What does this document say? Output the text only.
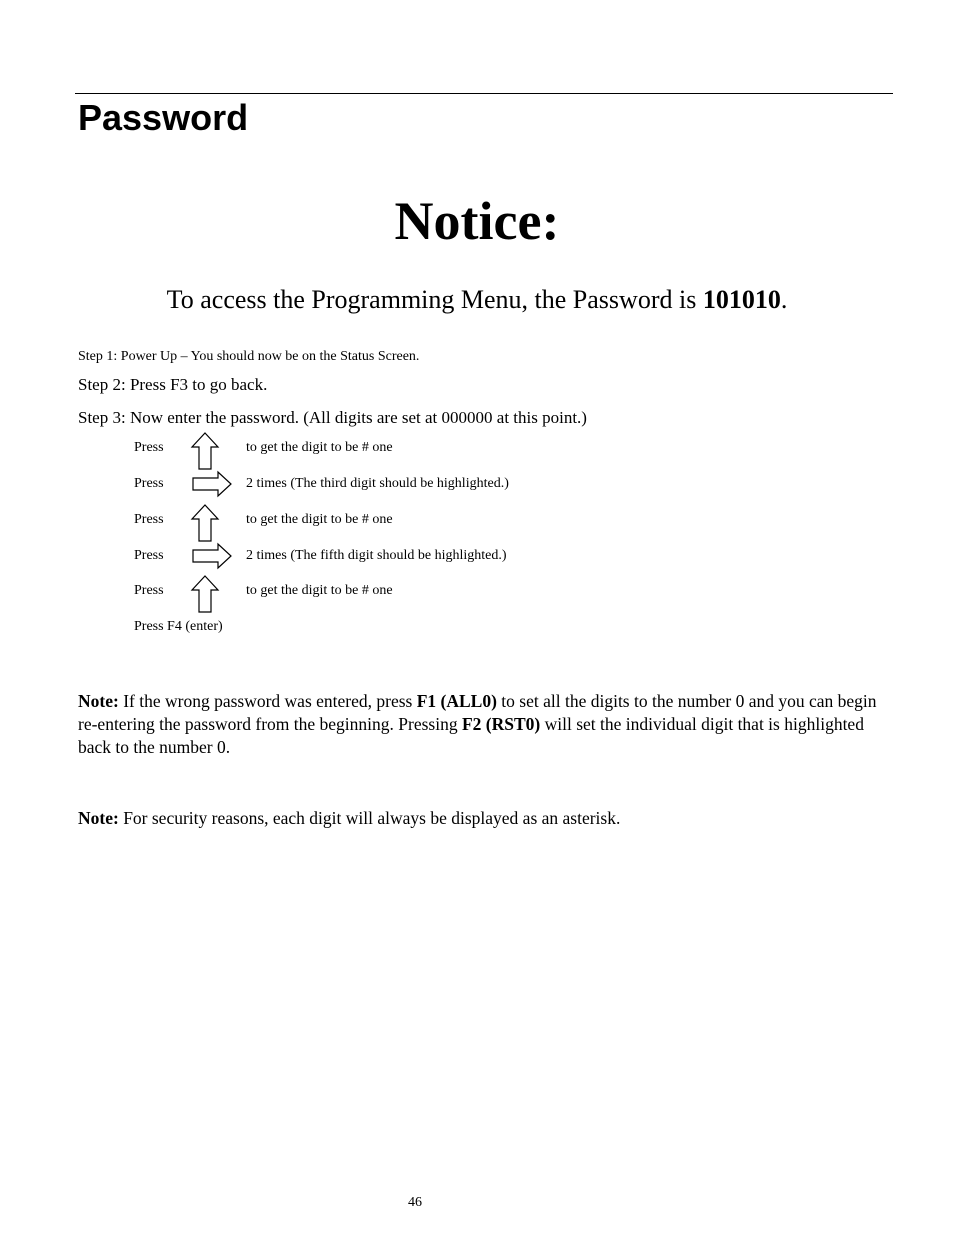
Password
Notice:
To access the Programming Menu, the Password is 101010.
Step 1: Power Up – You should now be on the Status Screen.
Step 2: Press F3 to go back.
Step 3: Now enter the password. (All digits are set at 000000 at this point.)
Press	to get the digit to be # one
Press	2 times (The third digit should be highlighted.)
Press	to get the digit to be # one
Press	2 times (The fifth digit should be highlighted.)
Press	to get the digit to be # one
Press F4 (enter)
Note: If the wrong password was entered, press F1 (ALL0) to set all the digits to the number 0 and you can begin re-entering the password from the beginning. Pressing F2 (RST0) will set the individual digit that is highlighted back to the number 0.
Note: For security reasons, each digit will always be displayed as an asterisk.
46
